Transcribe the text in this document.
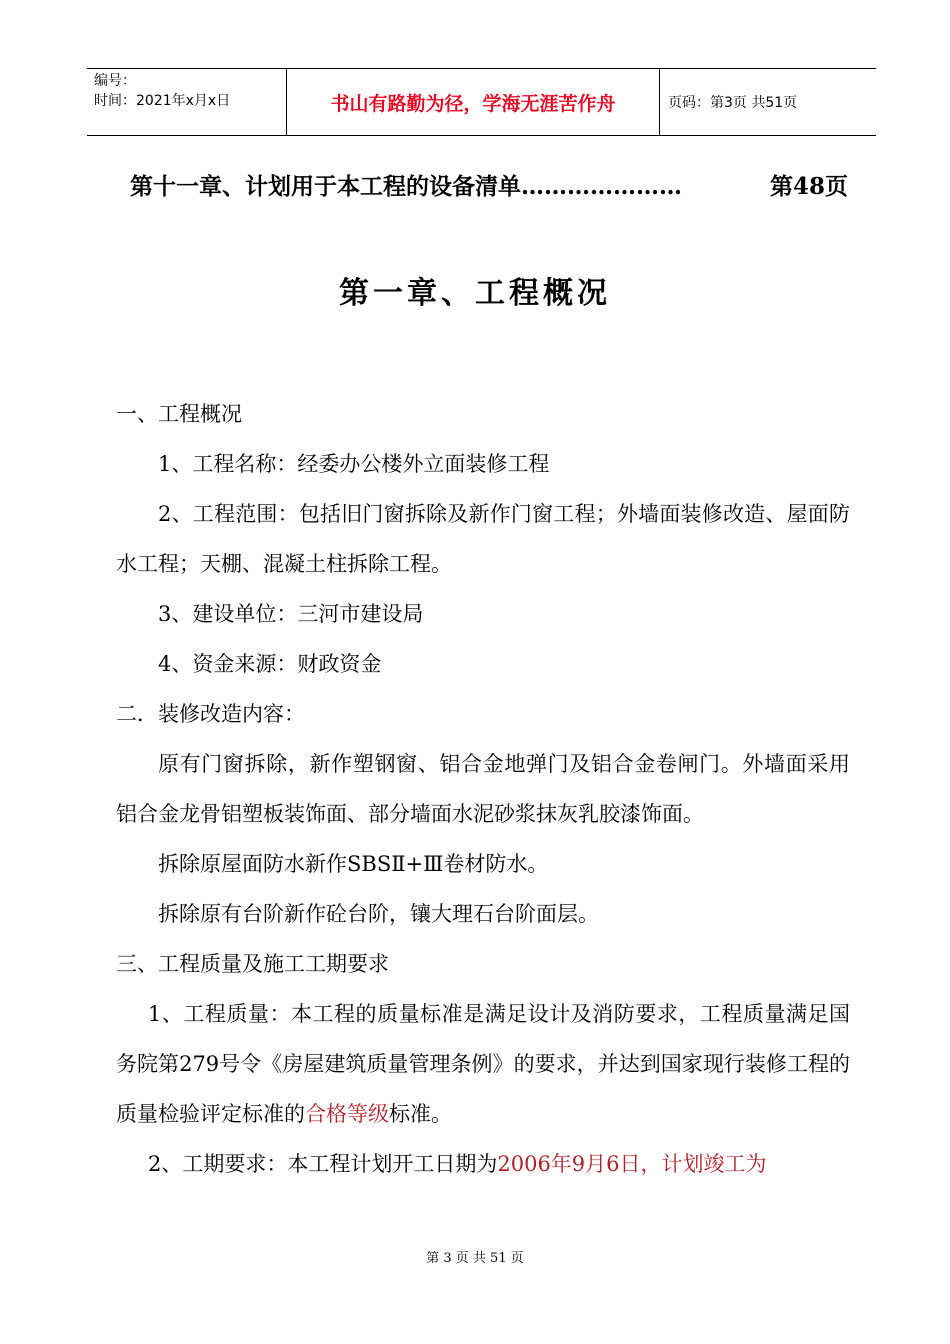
编号：
时间：2021年x月x日	书山有路勤为径，学海无涯苦作舟	页码：第3页 共51页
第十一章、计划用于本工程的设备清单…………………	第48页
第一章、工程概况

一、工程概况

1、工程名称：经委办公楼外立面装修工程

2、工程范围：包括旧门窗拆除及新作门窗工程；外墙面装修改造、屋面防水工程；天棚、混凝土柱拆除工程。

3、建设单位：三河市建设局

4、资金来源：财政资金

二．装修改造内容：

原有门窗拆除，新作塑钢窗、铝合金地弹门及铝合金卷闸门。外墙面采用铝合金龙骨铝塑板装饰面、部分墙面水泥砂浆抹灰乳胶漆饰面。

拆除原屋面防水新作SBSⅡ+Ⅲ卷材防水。

拆除原有台阶新作砼台阶，镶大理石台阶面层。

三、工程质量及施工工期要求

1、工程质量：本工程的质量标准是满足设计及消防要求，工程质量满足国务院第279号令《房屋建筑质量管理条例》的要求，并达到国家现行装修工程的质量检验评定标准的合格等级标准。

2、工期要求：本工程计划开工日期为2006年9月6日，计划竣工为

第 3 页 共 51 页
